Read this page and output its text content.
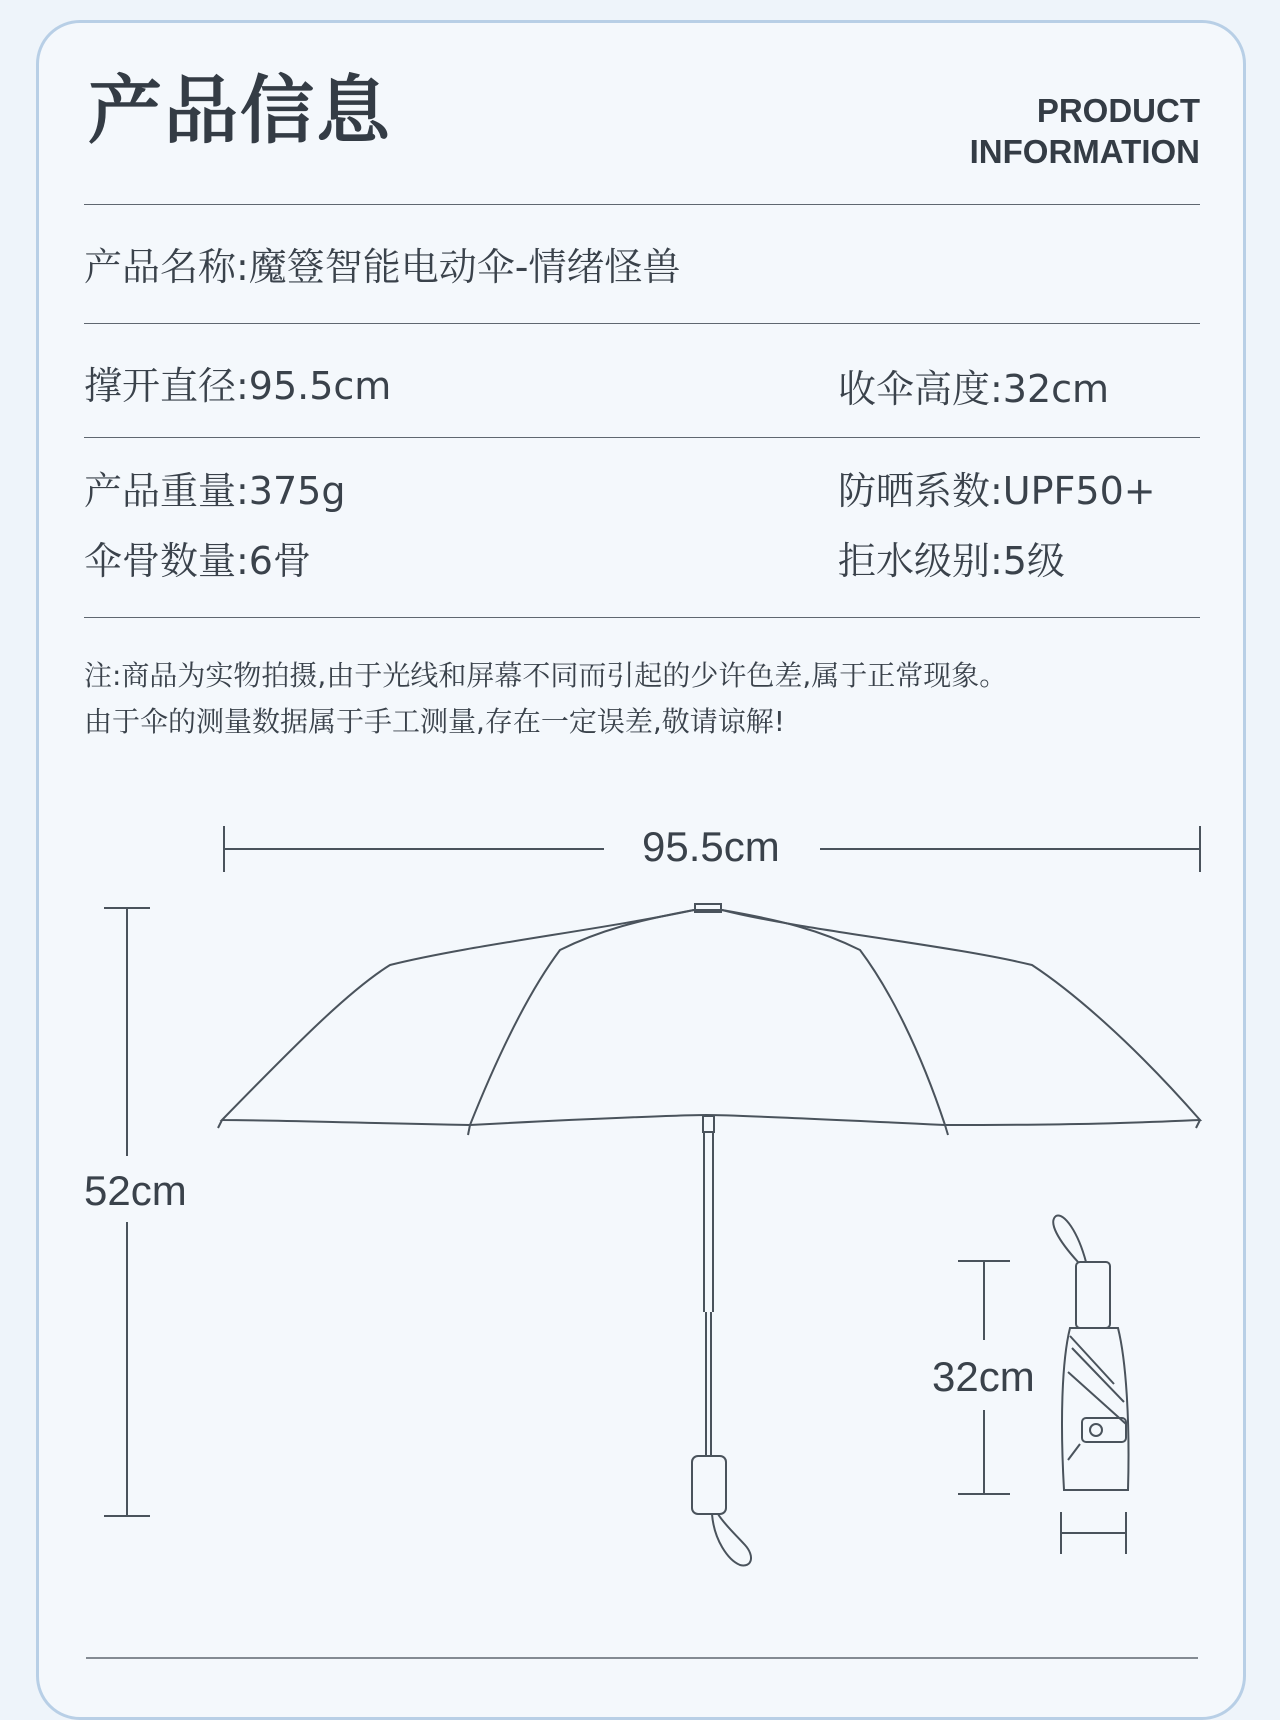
产品信息	PRODUCT
INFORMATION
产品名称:魔簦智能电动伞-情绪怪兽
撑开直径:95.5cm	收伞高度:32cm
产品重量:375g	防晒系数:UPF50+
伞骨数量:6骨	拒水级别:5级
注:商品为实物拍摄,由于光线和屏幕不同而引起的少许色差,属于正常现象。
由于伞的测量数据属于手工测量,存在一定误差,敬请谅解!
95.5cm
52cm
32cm
